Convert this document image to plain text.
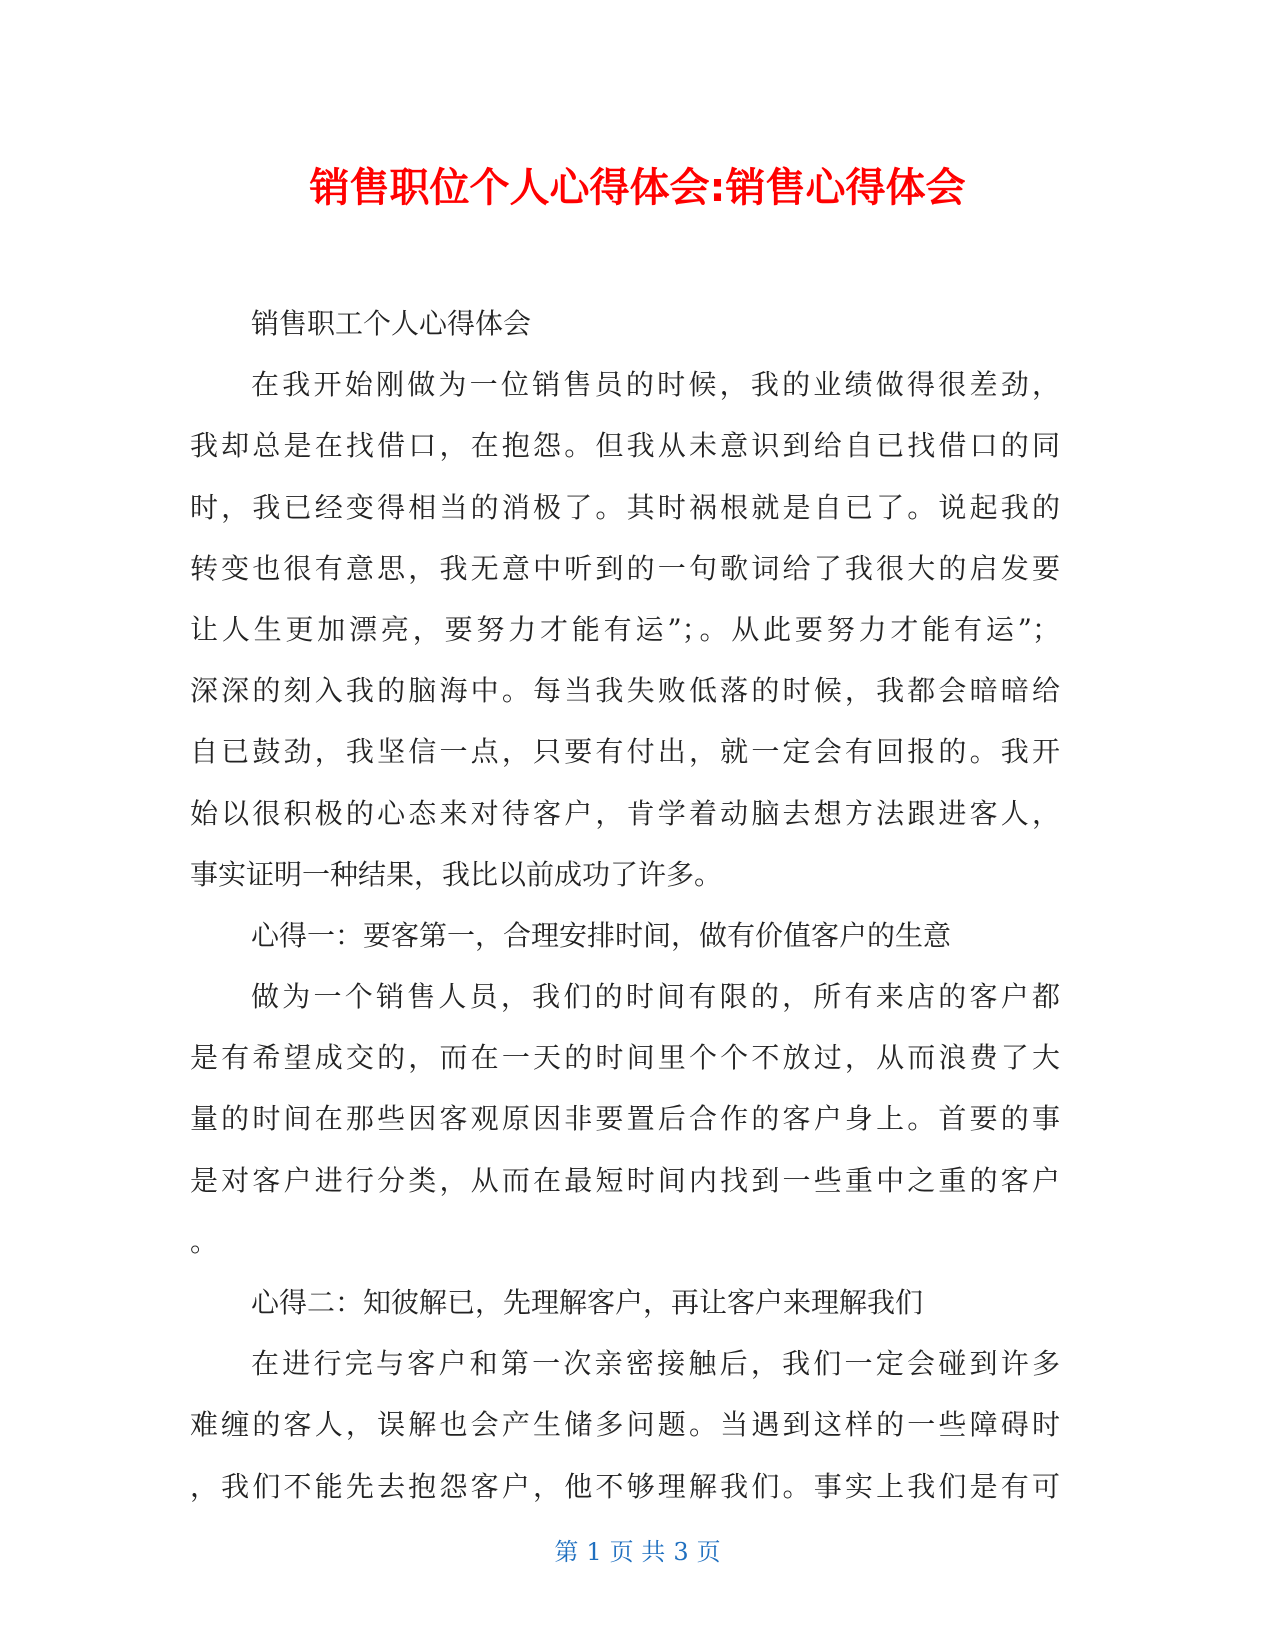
销售职位个人心得体会:销售心得体会
销售职工个人心得体会
在我开始刚做为一位销售员的时候，我的业绩做得很差劲，
我却总是在找借口，在抱怨。但我从未意识到给自已找借口的同
时，我已经变得相当的消极了。其时祸根就是自已了。说起我的
转变也很有意思，我无意中听到的一句歌词给了我很大的启发要
让人生更加漂亮，要努力才能有运”；。从此要努力才能有运”；
深深的刻入我的脑海中。每当我失败低落的时候，我都会暗暗给
自已鼓劲，我坚信一点，只要有付出，就一定会有回报的。我开
始以很积极的心态来对待客户，肯学着动脑去想方法跟进客人，
事实证明一种结果，我比以前成功了许多。
心得一：要客第一，合理安排时间，做有价值客户的生意
做为一个销售人员，我们的时间有限的，所有来店的客户都
是有希望成交的，而在一天的时间里个个不放过，从而浪费了大
量的时间在那些因客观原因非要置后合作的客户身上。首要的事
是对客户进行分类，从而在最短时间内找到一些重中之重的客户
。
心得二：知彼解已，先理解客户，再让客户来理解我们
在进行完与客户和第一次亲密接触后，我们一定会碰到许多
难缠的客人，误解也会产生储多问题。当遇到这样的一些障碍时
，我们不能先去抱怨客户，他不够理解我们。事实上我们是有可
第 1 页 共 3 页
